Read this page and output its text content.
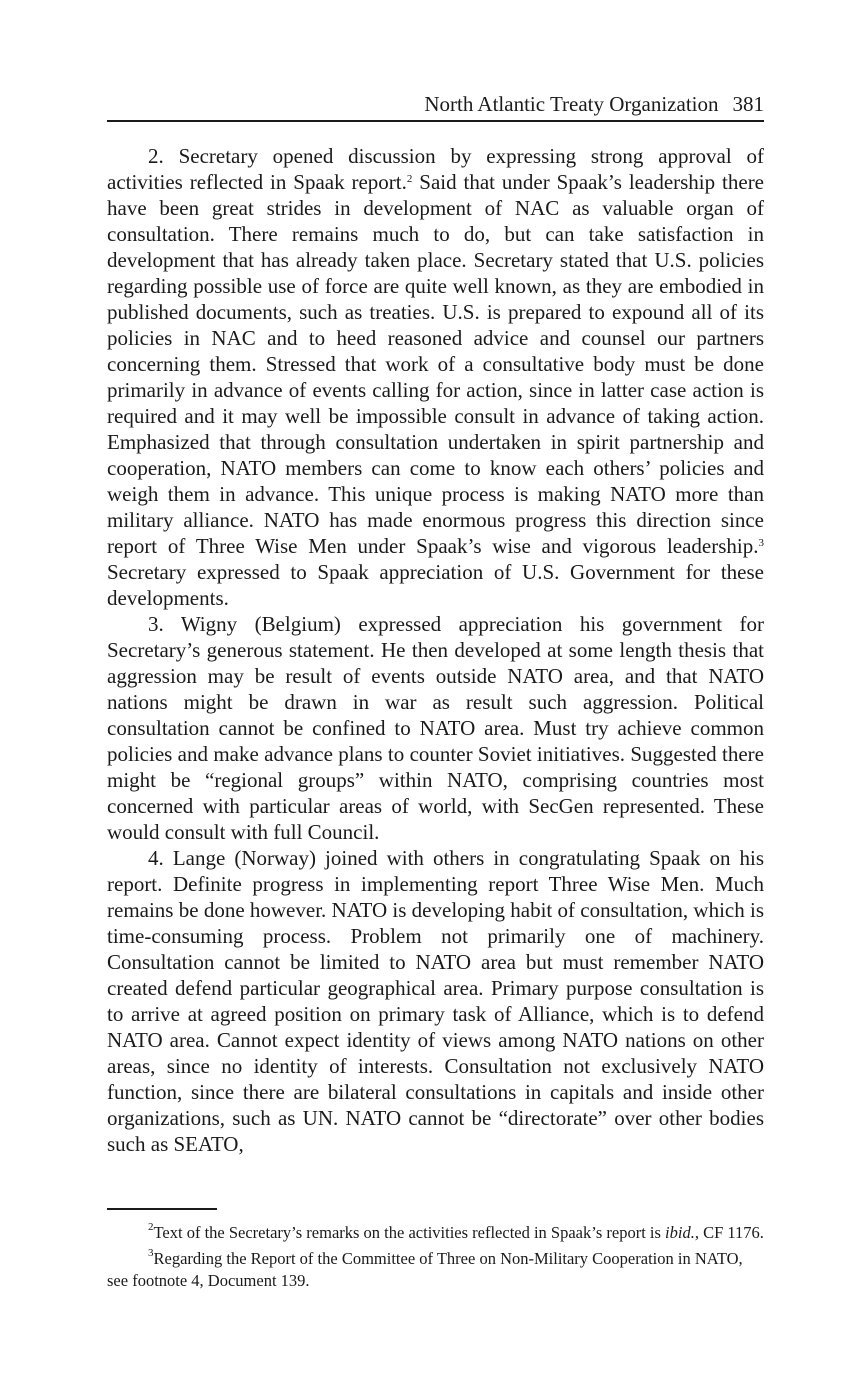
North Atlantic Treaty Organization 381

2. Secretary opened discussion by expressing strong approval of activities reflected in Spaak report.$^2$ Said that under Spaak’s leadership there have been great strides in development of NAC as valuable organ of consultation. There remains much to do, but can take satisfaction in development that has already taken place. Secretary stated that U.S. policies regarding possible use of force are quite well known, as they are embodied in published documents, such as treaties. U.S. is prepared to expound all of its policies in NAC and to heed reasoned advice and counsel our partners concerning them. Stressed that work of a consultative body must be done primarily in advance of events calling for action, since in latter case action is required and it may well be impossible consult in advance of taking action. Emphasized that through consultation undertaken in spirit partnership and cooperation, NATO members can come to know each others’ policies and weigh them in advance. This unique process is making NATO more than military alliance. NATO has made enormous progress this direction since report of Three Wise Men under Spaak’s wise and vigorous leadership.$^3$ Secretary expressed to Spaak appreciation of U.S. Government for these developments.

3. Wigny (Belgium) expressed appreciation his government for Secretary’s generous statement. He then developed at some length thesis that aggression may be result of events outside NATO area, and that NATO nations might be drawn in war as result such aggression. Political consultation cannot be confined to NATO area. Must try achieve common policies and make advance plans to counter Soviet initiatives. Suggested there might be “regional groups” within NATO, comprising countries most concerned with particular areas of world, with SecGen represented. These would consult with full Council.

4. Lange (Norway) joined with others in congratulating Spaak on his report. Definite progress in implementing report Three Wise Men. Much remains be done however. NATO is developing habit of consultation, which is time-consuming process. Problem not primarily one of machinery. Consultation cannot be limited to NATO area but must remember NATO created defend particular geographical area. Primary purpose consultation is to arrive at agreed position on primary task of Alliance, which is to defend NATO area. Cannot expect identity of views among NATO nations on other areas, since no identity of interests. Consultation not exclusively NATO function, since there are bilateral consultations in capitals and inside other organizations, such as UN. NATO cannot be “directorate” over other bodies such as SEATO,

$^2$Text of the Secretary’s remarks on the activities reflected in Spaak’s report is ibid., CF 1176.

$^3$Regarding the Report of the Committee of Three on Non-Military Cooperation in NATO, see footnote 4, Document 139.
